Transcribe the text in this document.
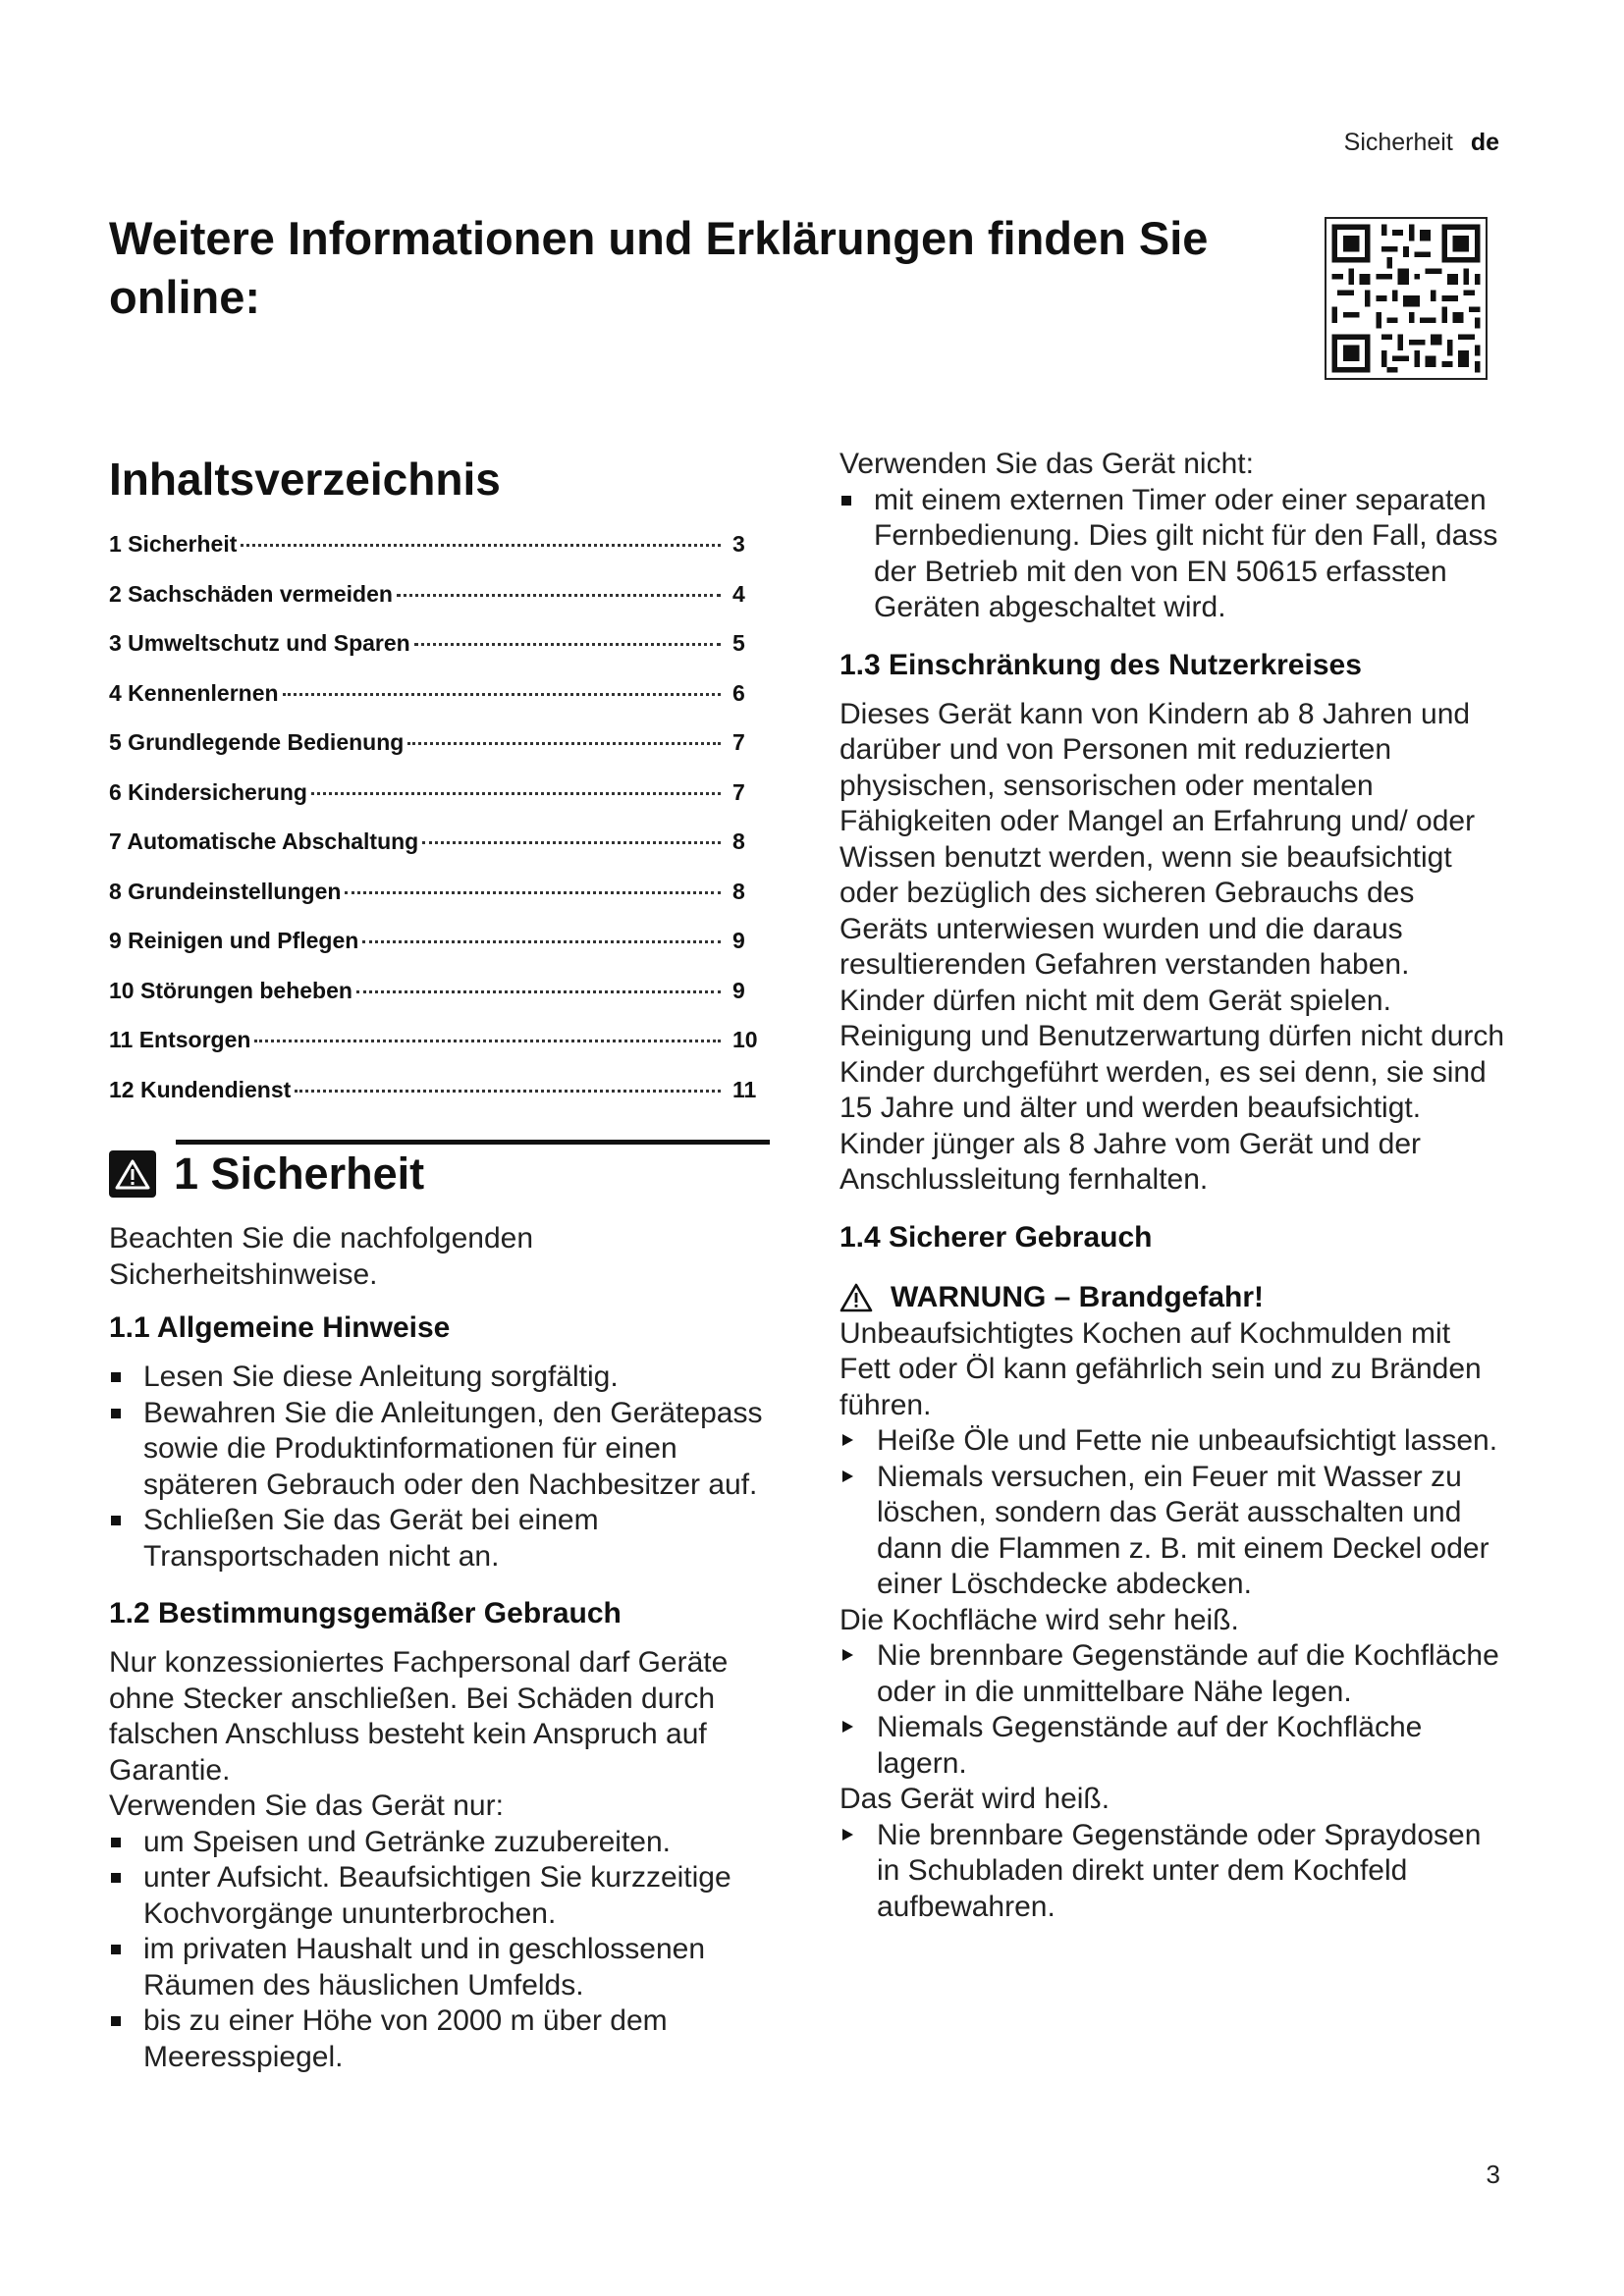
Sicherheit de
Weitere Informationen und Erklärungen finden Sie online:
Inhaltsverzeichnis
1 Sicherheit	3
2 Sachschäden vermeiden	4
3 Umweltschutz und Sparen	5
4 Kennenlernen	6
5 Grundlegende Bedienung	7
6 Kindersicherung	7
7 Automatische Abschaltung	8
8 Grundeinstellungen	8
9 Reinigen und Pflegen	9
10 Störungen beheben	9
11 Entsorgen	10
12 Kundendienst	11
1 Sicherheit

Beachten Sie die nachfolgenden Sicherheitshinweise.

1.1 Allgemeine Hinweise
Lesen Sie diese Anleitung sorgfältig.
Bewahren Sie die Anleitungen, den Gerätepass sowie die Produktinformationen für einen späteren Gebrauch oder den Nachbesitzer auf.
Schließen Sie das Gerät bei einem Transportschaden nicht an.
1.2 Bestimmungsgemäßer Gebrauch

Nur konzessioniertes Fachpersonal darf Geräte ohne Stecker anschließen. Bei Schäden durch falschen Anschluss besteht kein Anspruch auf Garantie.

Verwenden Sie das Gerät nur:

um Speisen und Getränke zuzubereiten.
unter Aufsicht. Beaufsichtigen Sie kurzzeitige Kochvorgänge ununterbrochen.
im privaten Haushalt und in geschlossenen Räumen des häuslichen Umfelds.
bis zu einer Höhe von 2000 m über dem Meeresspiegel.

Verwenden Sie das Gerät nicht:

mit einem externen Timer oder einer separaten Fernbedienung. Dies gilt nicht für den Fall, dass der Betrieb mit den von EN 50615 erfassten Geräten abgeschaltet wird.
1.3 Einschränkung des Nutzerkreises

Dieses Gerät kann von Kindern ab 8 Jahren und darüber und von Personen mit reduzierten physischen, sensorischen oder mentalen Fähigkeiten oder Mangel an Erfahrung und/ oder Wissen benutzt werden, wenn sie beaufsichtigt oder bezüglich des sicheren Gebrauchs des Geräts unterwiesen wurden und die daraus resultierenden Gefahren verstanden haben.

Kinder dürfen nicht mit dem Gerät spielen.

Reinigung und Benutzerwartung dürfen nicht durch Kinder durchgeführt werden, es sei denn, sie sind 15 Jahre und älter und werden beaufsichtigt.

Kinder jünger als 8 Jahre vom Gerät und der Anschlussleitung fernhalten.

1.4 Sicherer Gebrauch
WARNUNG – Brandgefahr!

Unbeaufsichtigtes Kochen auf Kochmulden mit Fett oder Öl kann gefährlich sein und zu Bränden führen.

Heiße Öle und Fette nie unbeaufsichtigt lassen.
Niemals versuchen, ein Feuer mit Wasser zu löschen, sondern das Gerät ausschalten und dann die Flammen z. B. mit einem Deckel oder einer Löschdecke abdecken.

Die Kochfläche wird sehr heiß.

Nie brennbare Gegenstände auf die Kochfläche oder in die unmittelbare Nähe legen.
Niemals Gegenstände auf der Kochfläche lagern.

Das Gerät wird heiß.

Nie brennbare Gegenstände oder Spraydosen in Schubladen direkt unter dem Kochfeld aufbewahren.
3
